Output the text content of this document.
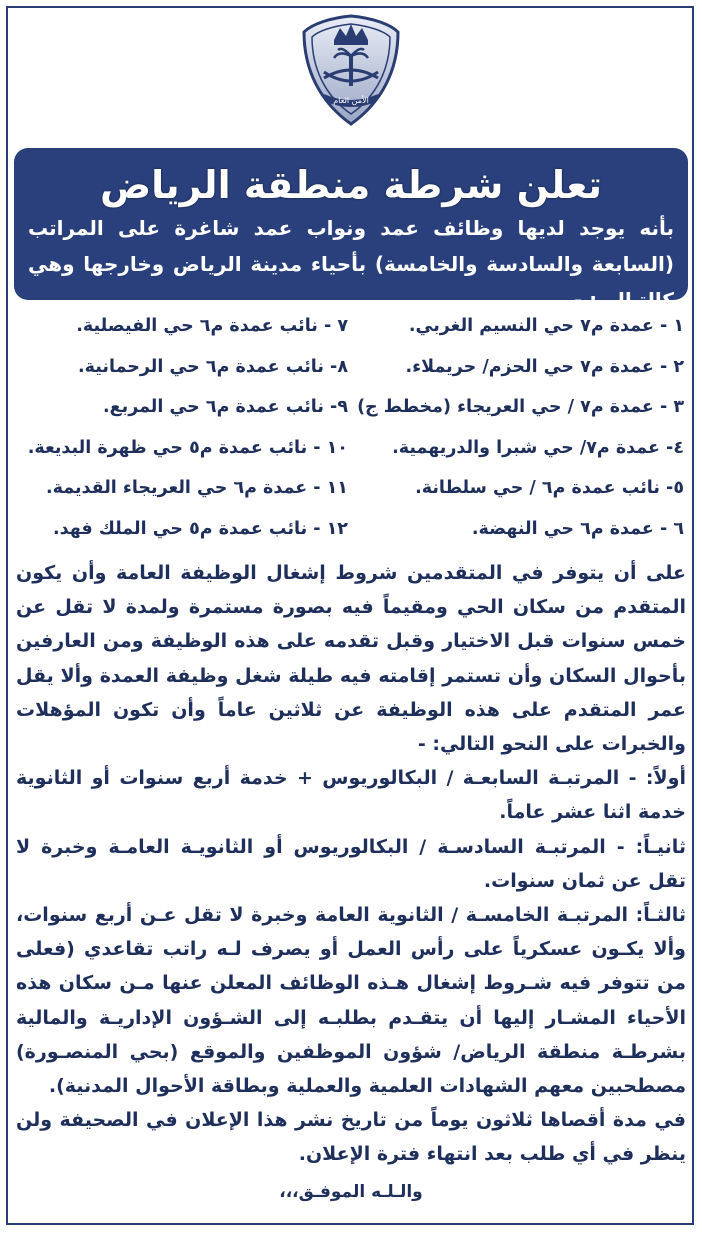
الأمن العام
تعلن شرطة منطقة الرياض
بأنه يوجد لديها وظائف عمد ونواب عمد شاغرة على المراتب (السابعة والسادسة والخامسة) بأحياء مدينة الرياض وخارجها وهي كالتـالي: -
١ - عمدة م٧ حي النسيم الغربي.
٢ - عمدة م٧ حي الحزم/ حريملاء.
٣ - عمدة م٧ / حي العريجاء (مخطط ج)
٤- عمدة م٧/ حي شبرا والدريهمية.
٥- نائب عمدة م٦ / حي سلطانة.
٦ - عمدة م٦ حي النهضة.
٧ - نائب عمدة م٦ حي الفيصلية.
٨- نائب عمدة م٦ حي الرحمانية.
٩- نائب عمدة م٦ حي المربع.
١٠ - نائب عمدة م٥ حي ظهرة البديعة.
١١ - عمدة م٦ حي العريجاء القديمة.
١٢ - نائب عمدة م٥ حي الملك فهد.

على أن يتوفر في المتقدمين شروط إشغال الوظيفة العامة وأن يكون المتقدم من سكان الحي ومقيماً فيه بصورة مستمرة ولمدة لا تقل عن خمس سنوات قبل الاختيار وقبل تقدمه على هذه الوظيفة ومن العارفين بأحوال السكان وأن تستمر إقامته فيه طيلة شغل وظيفة العمدة وألا يقل عمر المتقدم على هذه الوظيفة عن ثلاثين عاماً وأن تكون المؤهلات والخبرات على النحو التالي: -

أولاً: - المرتبـة السابعـة / البكالوريوس + خدمة أربع سنوات أو الثانوية خدمة اثنا عشر عاماً.

ثانيـاً: - المرتبـة السادسـة / البكالوريوس أو الثانويـة العامـة وخبرة لا تقل عن ثمان سنوات.

ثالثـاً: المرتبـة الخامسـة / الثانوية العامة وخبرة لا تقل عـن أربع سنوات، وألا يكـون عسكرياً على رأس العمل أو يصرف لـه راتب تقاعدي (فعلى من تتوفر فيه شـروط إشغال هـذه الوظائف المعلن عنها مـن سكان هذه الأحياء المشـار إليها أن يتقـدم بطلبـه إلى الشـؤون الإداريـة والمالية بشرطـة منطقة الرياض/ شؤون الموظفين والموقع (بحي المنصـورة) مصطحبين معهم الشهادات العلمية والعملية وبطاقة الأحوال المدنية).

في مدة أقصاها ثلاثون يوماً من تاريخ نشر هذا الإعلان في الصحيفة ولن ينظر في أي طلب بعد انتهاء فترة الإعلان.

والـلـه الموفـق،،،
